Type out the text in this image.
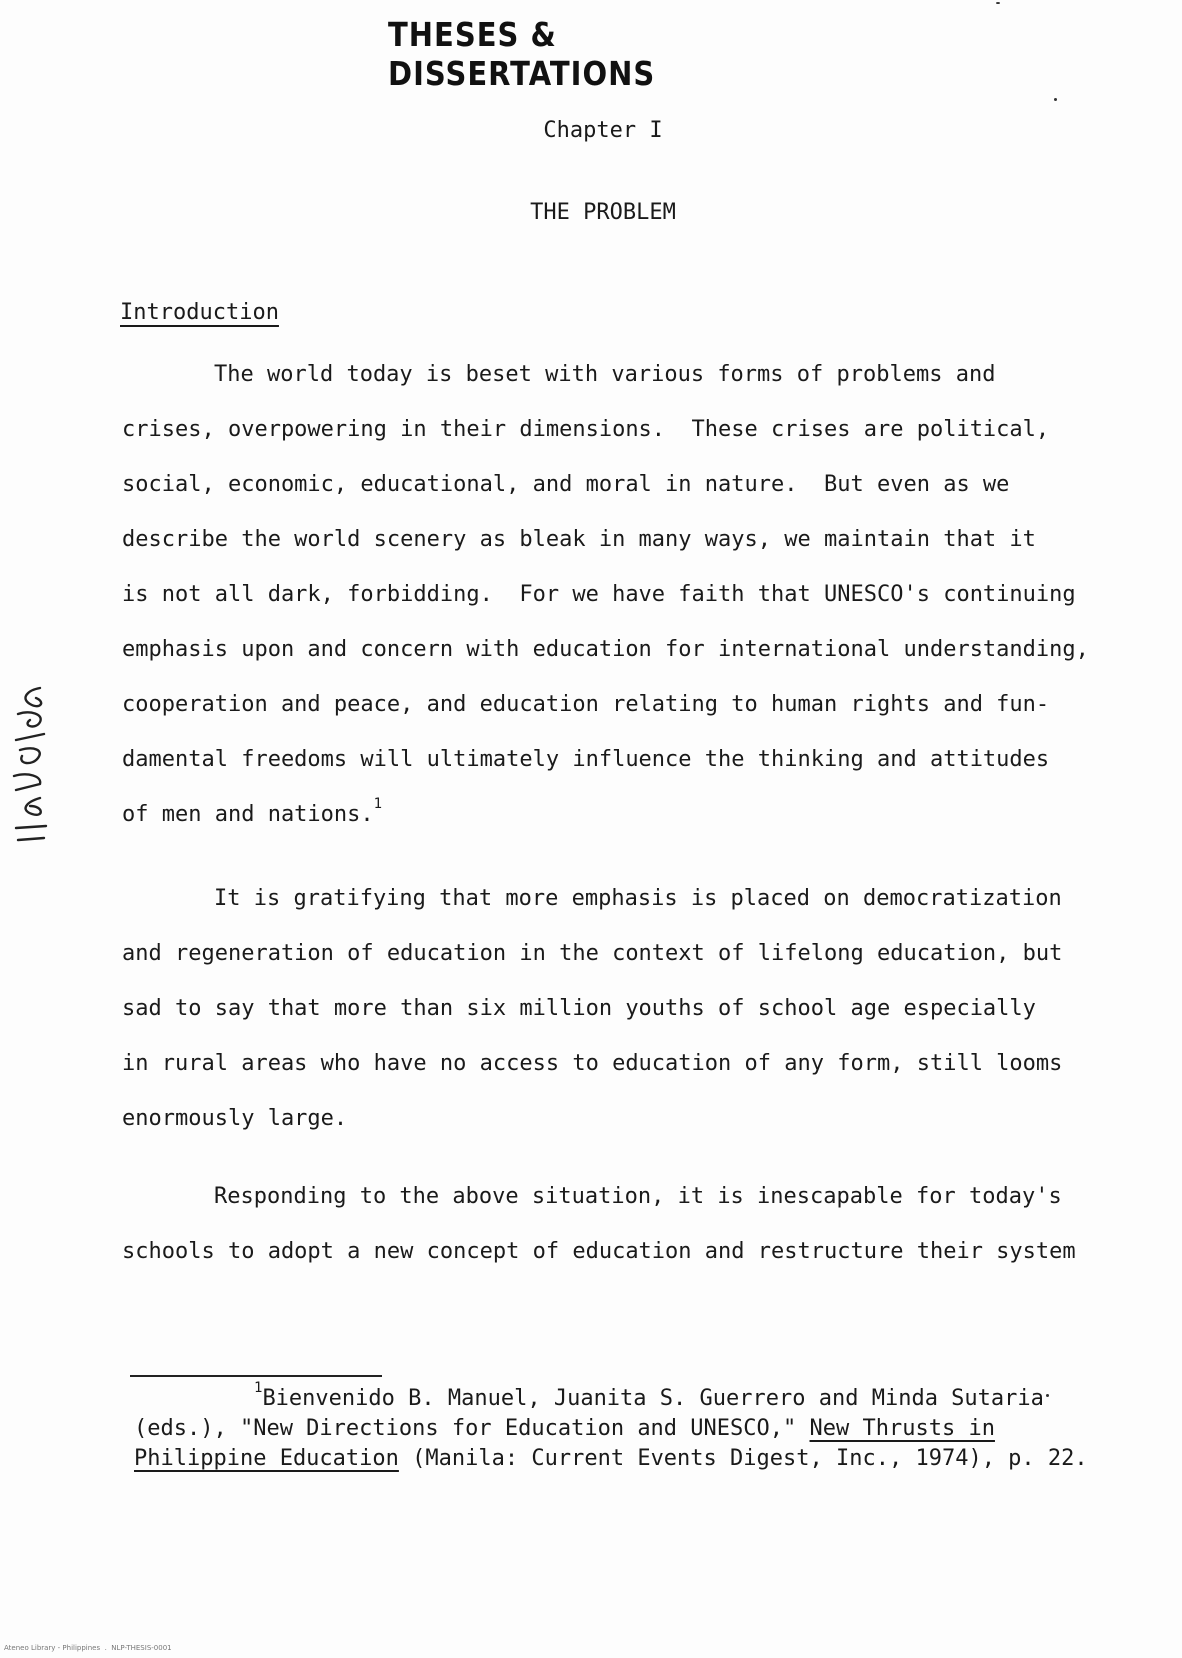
THESES & DISSERTATIONS
Chapter I
THE PROBLEM
Introduction
The world today is beset with various forms of problems and
crises, overpowering in their dimensions.  These crises are political,
social, economic, educational, and moral in nature.  But even as we
describe the world scenery as bleak in many ways, we maintain that it
is not all dark, forbidding.  For we have faith that UNESCO's continuing
emphasis upon and concern with education for international understanding,
cooperation and peace, and education relating to human rights and fun-
damental freedoms will ultimately influence the thinking and attitudes
of men and nations.$^1$
It is gratifying that more emphasis is placed on democratization
and regeneration of education in the context of lifelong education, but
sad to say that more than six million youths of school age especially
in rural areas who have no access to education of any form, still looms
enormously large.
Responding to the above situation, it is inescapable for today's
schools to adopt a new concept of education and restructure their system
$^1$Bienvenido B. Manuel, Juanita S. Guerrero and Minda Sutaria
(eds.), "New Directions for Education and UNESCO," New Thrusts in
Philippine Education (Manila: Current Events Digest, Inc., 1974), p. 22.
Ateneo Library - Philippines  .  NLP-THESIS-0001
